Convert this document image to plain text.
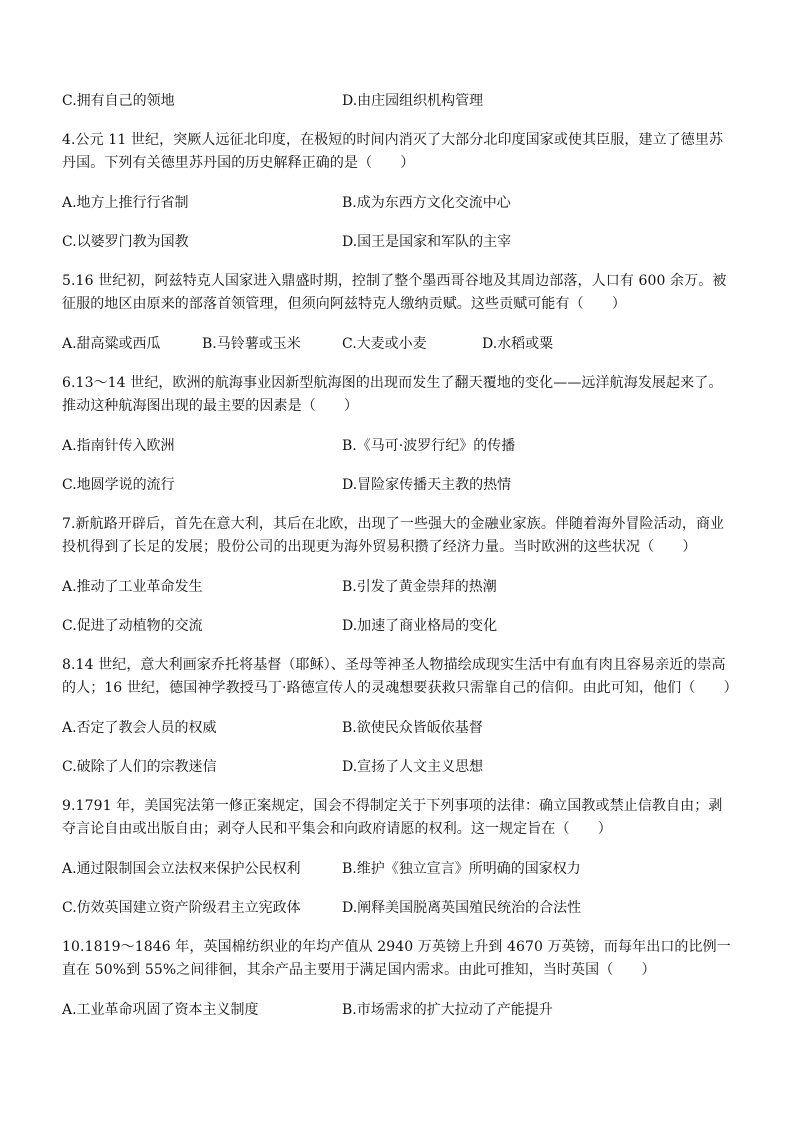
C.拥有自己的领地	D.由庄园组织机构管理

4.公元 11 世纪，突厥人远征北印度，在极短的时间内消灭了大部分北印度国家或使其臣服，建立了德里苏丹国。下列有关德里苏丹国的历史解释正确的是（　　）

A.地方上推行行省制	B.成为东西方文化交流中心
C.以婆罗门教为国教	D.国王是国家和军队的主宰

5.16 世纪初，阿兹特克人国家进入鼎盛时期，控制了整个墨西哥谷地及其周边部落，人口有 600 余万。被征服的地区由原来的部落首领管理，但须向阿兹特克人缴纳贡赋。这些贡赋可能有（　　）

A.甜高粱或西瓜	B.马铃薯或玉米	C.大麦或小麦	D.水稻或粟

6.13～14 世纪，欧洲的航海事业因新型航海图的出现而发生了翻天覆地的变化——远洋航海发展起来了。推动这种航海图出现的最主要的因素是（　　）

A.指南针传入欧洲	B.《马可·波罗行纪》的传播
C.地圆学说的流行	D.冒险家传播天主教的热情

7.新航路开辟后，首先在意大利，其后在北欧，出现了一些强大的金融业家族。伴随着海外冒险活动，商业投机得到了长足的发展；股份公司的出现更为海外贸易积攒了经济力量。当时欧洲的这些状况（　　）

A.推动了工业革命发生	B.引发了黄金崇拜的热潮
C.促进了动植物的交流	D.加速了商业格局的变化

8.14 世纪，意大利画家乔托将基督（耶稣）、圣母等神圣人物描绘成现实生活中有血有肉且容易亲近的崇高的人；16 世纪，德国神学教授马丁·路德宣传人的灵魂想要获救只需靠自己的信仰。由此可知，他们（　　）

A.否定了教会人员的权威	B.欲使民众皆皈依基督
C.破除了人们的宗教迷信	D.宣扬了人文主义思想

9.1791 年，美国宪法第一修正案规定，国会不得制定关于下列事项的法律：确立国教或禁止信教自由；剥夺言论自由或出版自由；剥夺人民和平集会和向政府请愿的权利。这一规定旨在（　　）

A.通过限制国会立法权来保护公民权利	B.维护《独立宣言》所明确的国家权力
C.仿效英国建立资产阶级君主立宪政体	D.阐释美国脱离英国殖民统治的合法性

10.1819～1846 年，英国棉纺织业的年均产值从 2940 万英镑上升到 4670 万英镑，而每年出口的比例一直在 50%到 55%之间徘徊，其余产品主要用于满足国内需求。由此可推知，当时英国（　　）

A.工业革命巩固了资本主义制度	B.市场需求的扩大拉动了产能提升
